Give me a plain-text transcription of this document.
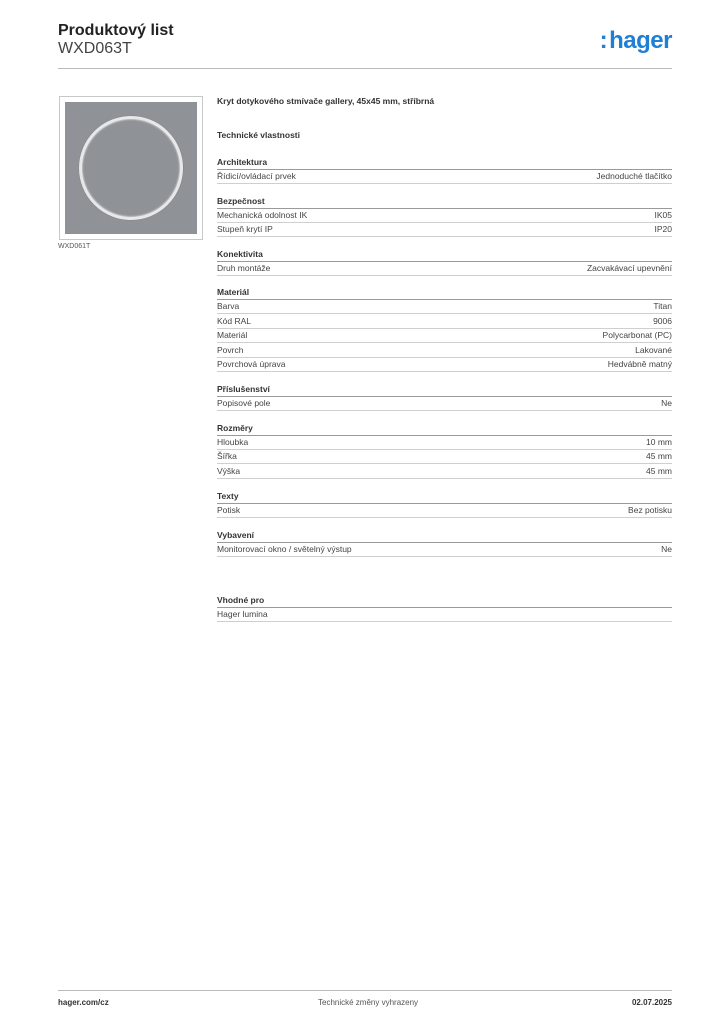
Produktový list
WXD063T	:hager
WXD061T
Kryt dotykového stmívače gallery, 45x45 mm, stříbrná
Technické vlastnosti
Architektura
Řídicí/ovládací prvek	Jednoduché tlačítko
Bezpečnost
Mechanická odolnost IK	IK05
Stupeň krytí IP	IP20
Konektivita
Druh montáže	Zacvakávací upevnění
Materiál
Barva	Titan
Kód RAL	9006
Materiál	Polycarbonat (PC)
Povrch	Lakované
Povrchová úprava	Hedvábně matný
Příslušenství
Popisové pole	Ne
Rozměry
Hloubka	10 mm
Šířka	45 mm
Výška	45 mm
Texty
Potisk	Bez potisku
Vybavení
Monitorovací okno / světelný výstup	Ne
Vhodné pro
Hager lumina
hager.com/cz	Technické změny vyhrazeny	02.07.2025
